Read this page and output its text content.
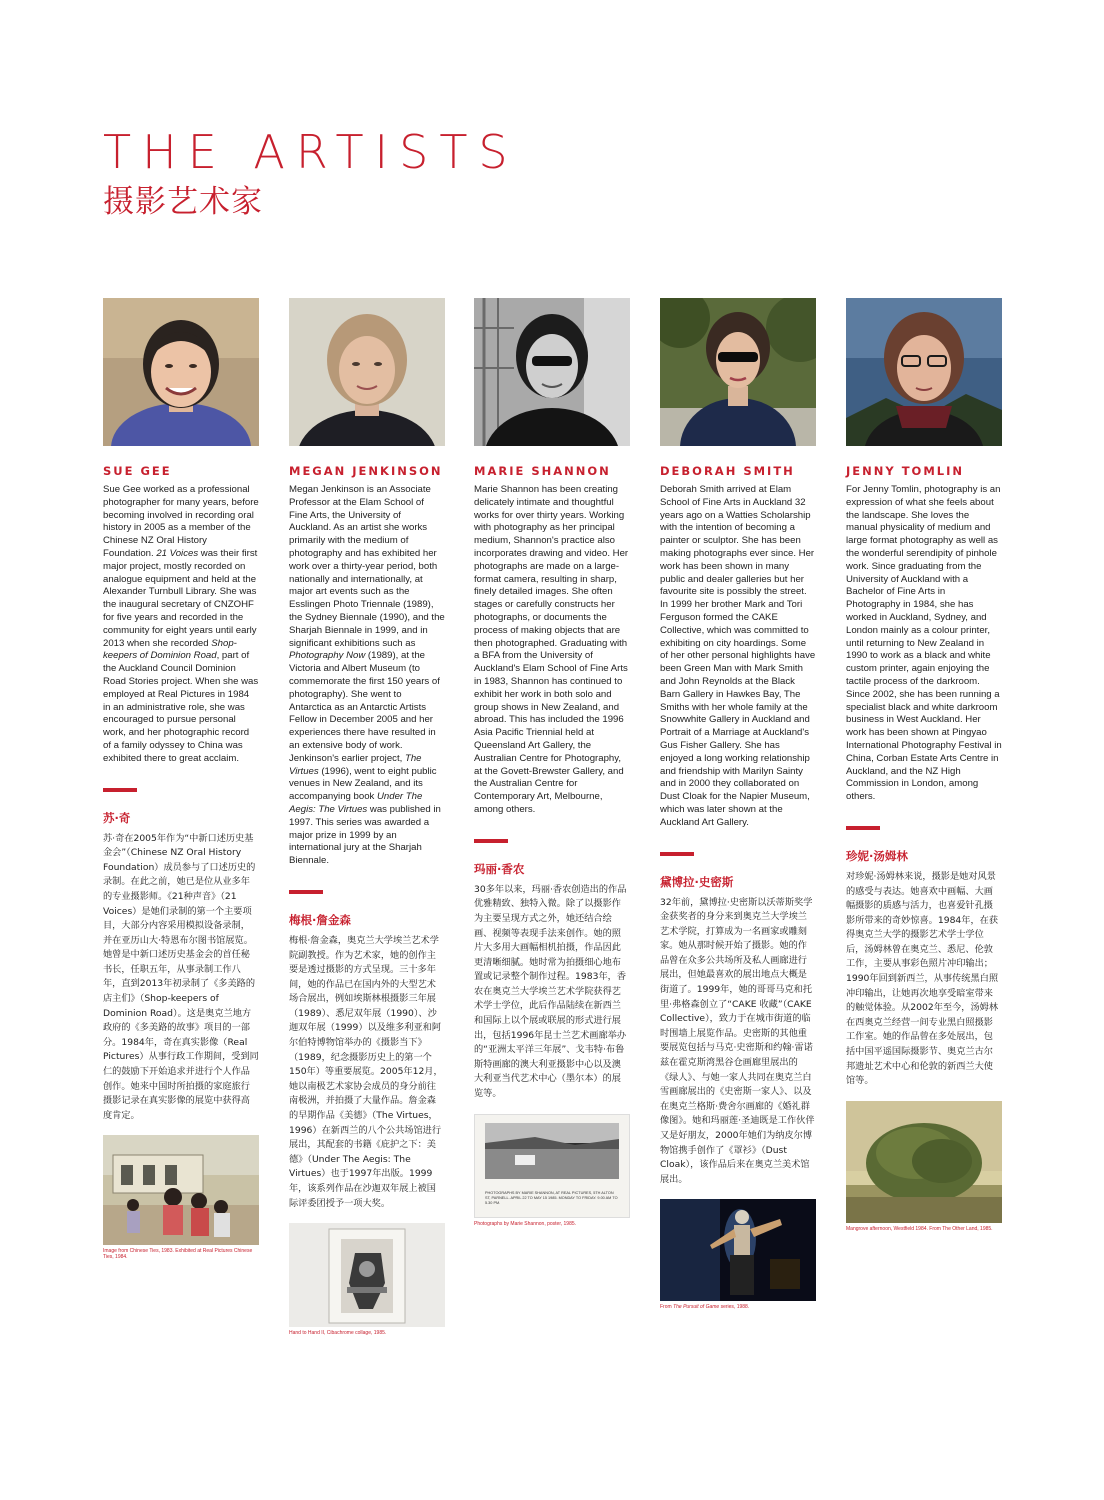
THE ARTISTS
摄影艺术家
SUE GEE
Sue Gee worked as a professional photographer for many years, before becoming involved in recording oral history in 2005 as a member of the Chinese NZ Oral History Foundation. 21 Voices was their first major project, mostly recorded on analogue equipment and held at the Alexander Turnbull Library. She was the inaugural secretary of CNZOHF for five years and recorded in the community for eight years until early 2013 when she recorded Shop-keepers of Dominion Road, part of the Auckland Council Dominion Road Stories project. When she was employed at Real Pictures in 1984 in an administrative role, she was encouraged to pursue personal work, and her photographic record of a family odyssey to China was exhibited there to great acclaim.
苏·奇
苏·奇在2005年作为“中新口述历史基金会”（Chinese NZ Oral History Foundation）成员参与了口述历史的录制。在此之前，她已是位从业多年的专业摄影师。《21种声音》（21 Voices）是她们录制的第一个主要项目，大部分内容采用模拟设备录制，并在亚历山大·特恩布尔图书馆展览。她曾是中新口述历史基金会的首任秘书长，任职五年，从事录制工作八年，直到2013年初录制了《多美路的店主们》（Shop-keepers of Dominion Road）。这是奥克兰地方政府的《多美路的故事》项目的一部分。1984年，奇在真实影像（Real Pictures）从事行政工作期间，受到同仁的鼓励下开始追求并进行个人作品创作。她来中国时所拍摄的家庭旅行摄影记录在真实影像的展览中获得高度肯定。
Image from Chinese Ties, 1983. Exhibited at Real Pictures Chinese Ties, 1984.
MEGAN JENKINSON
Megan Jenkinson is an Associate Professor at the Elam School of Fine Arts, the University of Auckland. As an artist she works primarily with the medium of photography and has exhibited her work over a thirty-year period, both nationally and internationally, at major art events such as the Esslingen Photo Triennale (1989), the Sydney Biennale (1990), and the Sharjah Biennale in 1999, and in significant exhibitions such as Photography Now (1989), at the Victoria and Albert Museum (to commemorate the first 150 years of photography). She went to Antarctica as an Antarctic Artists Fellow in December 2005 and her experiences there have resulted in an extensive body of work. Jenkinson's earlier project, The Virtues (1996), went to eight public venues in New Zealand, and its accompanying book Under The Aegis: The Virtues was published in 1997. This series was awarded a major prize in 1999 by an international jury at the Sharjah Biennale.
梅根·詹金森
梅根·詹金森，奥克兰大学埃兰艺术学院副教授。作为艺术家，她的创作主要是透过摄影的方式呈现。三十多年间，她的作品已在国内外的大型艺术场合展出，例如埃斯林根摄影三年展（1989）、悉尼双年展（1990）、沙迦双年展（1999）以及维多利亚和阿尔伯特博物馆举办的《摄影当下》（1989，纪念摄影历史上的第一个150年）等重要展览。2005年12月，她以南极艺术家协会成员的身分前往南极洲，并拍摄了大量作品。詹金森的早期作品《美德》（The Virtues，1996）在新西兰的八个公共场馆进行展出，其配套的书籍《庇护之下：美德》（Under The Aegis: The Virtues）也于1997年出版。1999年，该系列作品在沙迦双年展上被国际评委团授予一项大奖。
Hand to Hand II, Cibachrome collage, 1985.
MARIE SHANNON
Marie Shannon has been creating delicately intimate and thoughtful works for over thirty years. Working with photography as her principal medium, Shannon's practice also incorporates drawing and video. Her photographs are made on a large-format camera, resulting in sharp, finely detailed images. She often stages or carefully constructs her photographs, or documents the process of making objects that are then photographed. Graduating with a BFA from the University of Auckland's Elam School of Fine Arts in 1983, Shannon has continued to exhibit her work in both solo and group shows in New Zealand, and abroad. This has included the 1996 Asia Pacific Triennial held at Queensland Art Gallery, the Australian Centre for Photography, at the Govett-Brewster Gallery, and the Australian Centre for Contemporary Art, Melbourne, among others.
玛丽·香农
30多年以来，玛丽·香农创造出的作品优雅精致、独特入微。除了以摄影作为主要呈现方式之外，她还结合绘画、视频等表现手法来创作。她的照片大多用大画幅相机拍摄，作品因此更清晰细腻。她时常为拍摄细心地布置或记录整个制作过程。1983年，香农在奥克兰大学埃兰艺术学院获得艺术学士学位，此后作品陆续在新西兰和国际上以个展或联展的形式进行展出，包括1996年昆士兰艺术画廊举办的“亚洲太平洋三年展”、戈韦特·布鲁斯特画廊的澳大利亚摄影中心以及澳大利亚当代艺术中心（墨尔本）的展览等。
PHOTOGRAPHS BY MARIE SHANNON, AT REAL PICTURES, 5TH ALTON ST, PARNELL. APRIL 22 TO MAY 15 1985. MONDAY TO FRIDAY. 9.00 AM TO 5.30 PM.
Photographs by Marie Shannon, poster, 1985.
DEBORAH SMITH
Deborah Smith arrived at Elam School of Fine Arts in Auckland 32 years ago on a Watties Scholarship with the intention of becoming a painter or sculptor. She has been making photographs ever since. Her work has been shown in many public and dealer galleries but her favourite site is possibly the street. In 1999 her brother Mark and Tori Ferguson formed the CAKE Collective, which was committed to exhibiting on city hoardings. Some of her other personal highlights have been Green Man with Mark Smith and John Reynolds at the Black Barn Gallery in Hawkes Bay, The Smiths with her whole family at the Snowwhite Gallery in Auckland and Portrait of a Marriage at Auckland's Gus Fisher Gallery. She has enjoyed a long working relationship and friendship with Marilyn Sainty and in 2000 they collaborated on Dust Cloak for the Napier Museum, which was later shown at the Auckland Art Gallery.
黛博拉·史密斯
32年前，黛博拉·史密斯以沃蒂斯奖学金获奖者的身分来到奥克兰大学埃兰艺术学院，打算成为一名画家或雕刻家。她从那时候开始了摄影。她的作品曾在众多公共场所及私人画廊进行展出，但她最喜欢的展出地点大概是街道了。1999年，她的哥哥马克和托里·弗格森创立了“CAKE 收藏”（CAKE Collective），致力于在城市街道的临时围墙上展览作品。史密斯的其他重要展览包括与马克·史密斯和约翰·雷诺兹在霍克斯湾黑谷仓画廊里展出的《绿人》、与她一家人共同在奥克兰白雪画廊展出的《史密斯一家人》、以及在奥克兰格斯·费舍尔画廊的《婚礼群像图》。她和玛丽莲·圣迪既是工作伙伴又是好朋友，2000年她们为纳皮尔博物馆携手创作了《罩衫》（Dust Cloak），该作品后来在奥克兰美术馆展出。
From The Pursuit of Game series, 1988.
JENNY TOMLIN
For Jenny Tomlin, photography is an expression of what she feels about the landscape. She loves the manual physicality of medium and large format photography as well as the wonderful serendipity of pinhole work. Since graduating from the University of Auckland with a Bachelor of Fine Arts in Photography in 1984, she has worked in Auckland, Sydney, and London mainly as a colour printer, until returning to New Zealand in 1990 to work as a black and white custom printer, again enjoying the tactile process of the darkroom. Since 2002, she has been running a specialist black and white darkroom business in West Auckland. Her work has been shown at Pingyao International Photography Festival in China, Corban Estate Arts Centre in Auckland, and the NZ High Commission in London, among others.
珍妮·汤姆林
对珍妮·汤姆林来说，摄影是她对风景的感受与表达。她喜欢中画幅、大画幅摄影的质感与活力，也喜爱针孔摄影所带来的奇妙惊喜。1984年，在获得奥克兰大学的摄影艺术学士学位后，汤姆林曾在奥克兰、悉尼、伦敦工作，主要从事彩色照片冲印输出；1990年回到新西兰，从事传统黑白照冲印输出，让她再次地享受暗室带来的触觉体验。从2002年至今，汤姆林在西奥克兰经营一间专业黑白照摄影工作室。她的作品曾在多处展出，包括中国平遥国际摄影节、奥克兰古尔邦遗址艺术中心和伦敦的新西兰大使馆等。
Mangrove afternoon, Westfield 1984. From The Other Land, 1985.
